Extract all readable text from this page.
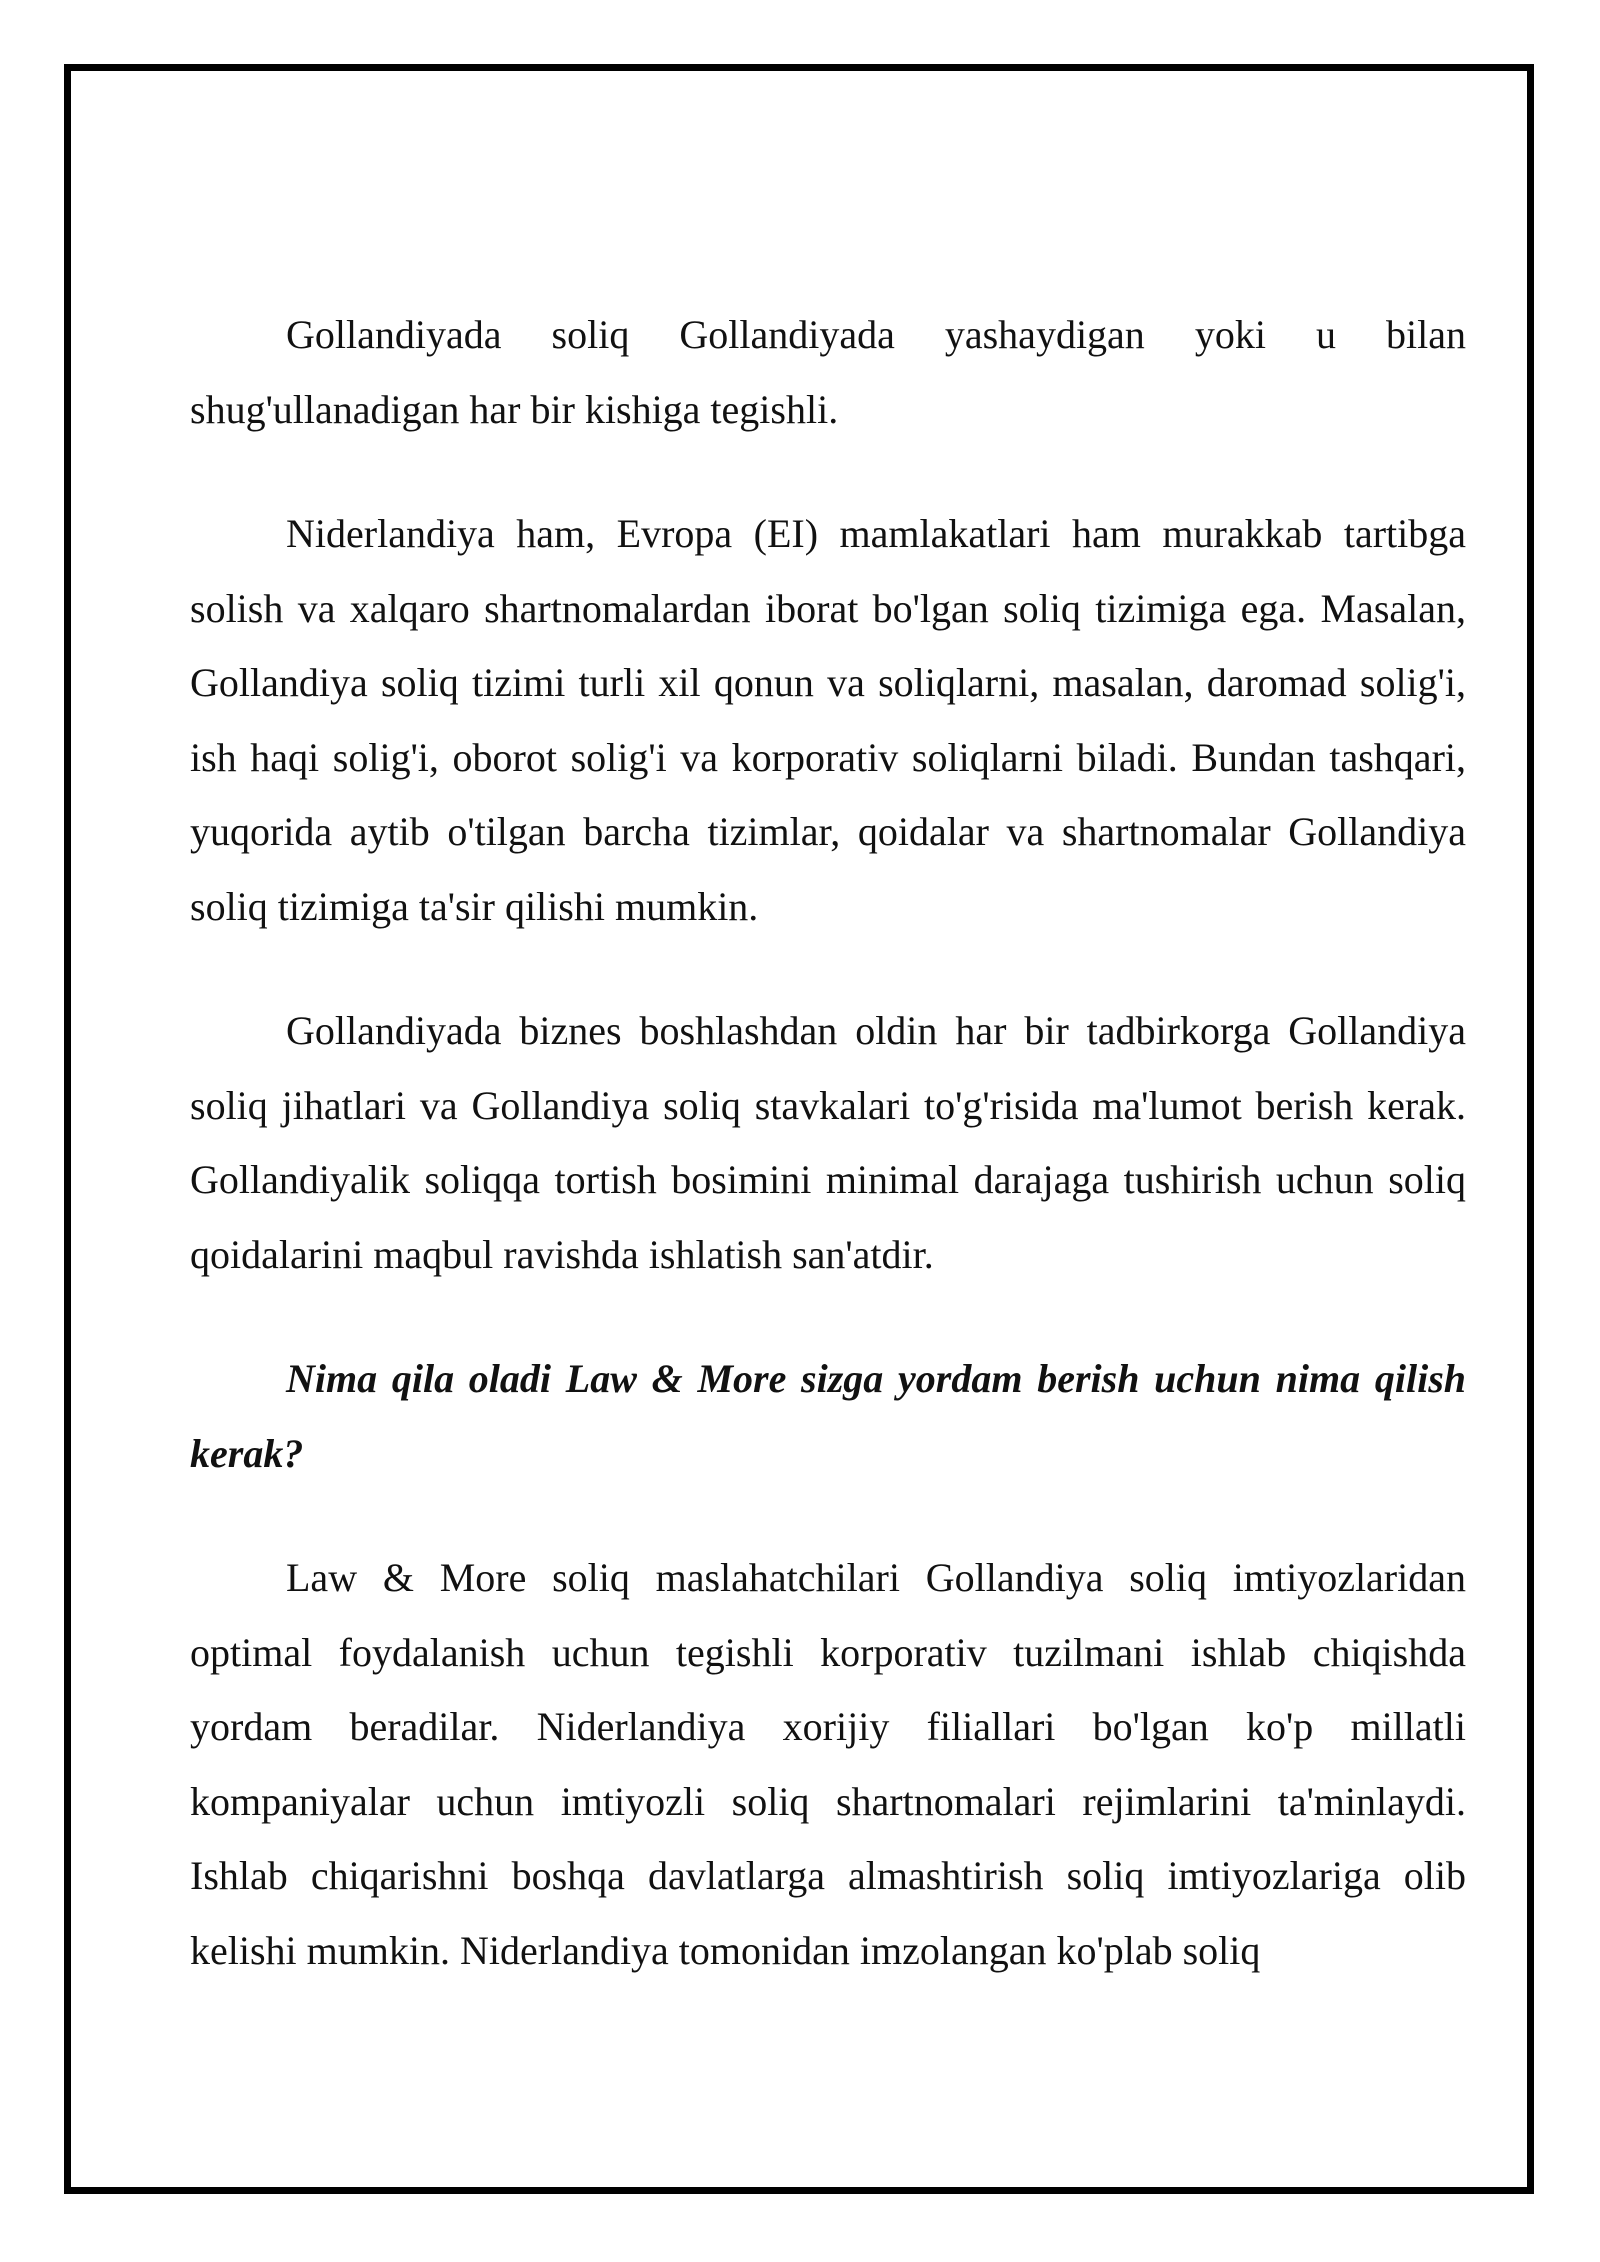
Gollandiyada soliq Gollandiyada yashaydigan yoki u bilan shug'ullanadigan har bir kishiga tegishli.

Niderlandiya ham, Evropa (EI) mamlakatlari ham murakkab tartibga solish va xalqaro shartnomalardan iborat bo'lgan soliq tizimiga ega. Masalan, Gollandiya soliq tizimi turli xil qonun va soliqlarni, masalan, daromad solig'i, ish haqi solig'i, oborot solig'i va korporativ soliqlarni biladi. Bundan tashqari, yuqorida aytib o'tilgan barcha tizimlar, qoidalar va shartnomalar Gollandiya soliq tizimiga ta'sir qilishi mumkin.

Gollandiyada biznes boshlashdan oldin har bir tadbirkorga Gollandiya soliq jihatlari va Gollandiya soliq stavkalari to'g'risida ma'lumot berish kerak. Gollandiyalik soliqqa tortish bosimini minimal darajaga tushirish uchun soliq qoidalarini maqbul ravishda ishlatish san'atdir.

Nima qila oladi Law & More sizga yordam berish uchun nima qilish kerak?

Law & More soliq maslahatchilari Gollandiya soliq imtiyozlaridan optimal foydalanish uchun tegishli korporativ tuzilmani ishlab chiqishda yordam beradilar. Niderlandiya xorijiy filiallari bo'lgan ko'p millatli kompaniyalar uchun imtiyozli soliq shartnomalari rejimlarini ta'minlaydi. Ishlab chiqarishni boshqa davlatlarga almashtirish soliq imtiyozlariga olib kelishi mumkin. Niderlandiya tomonidan imzolangan ko'plab soliq
